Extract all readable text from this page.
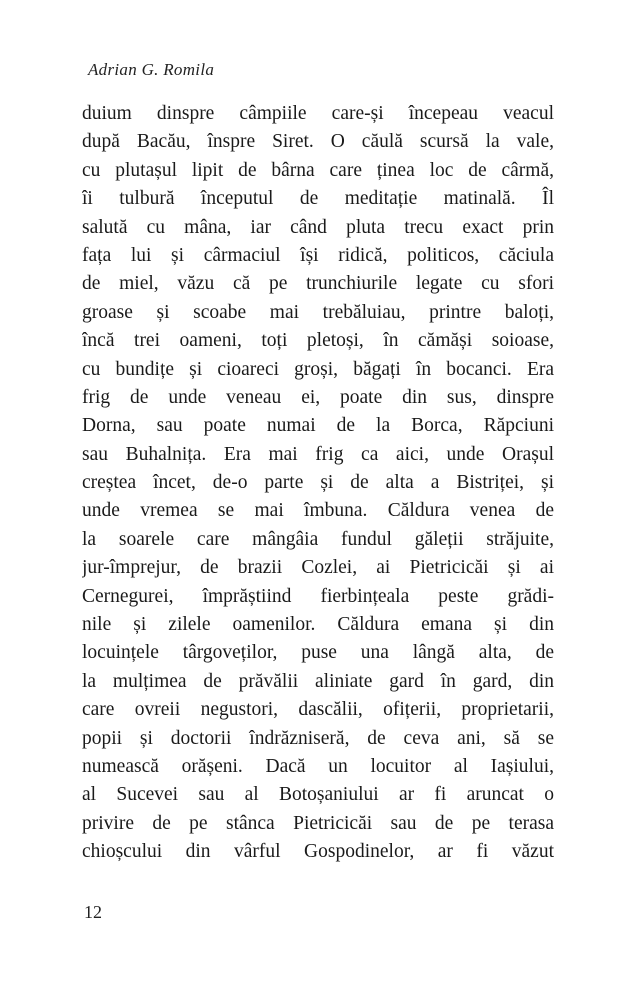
Adrian G. Romila
duium dinspre câmpiile care-și începeau veacul
după Bacău, înspre Siret. O căulă scursă la vale,
cu plutașul lipit de bârna care ținea loc de cârmă,
îi tulbură începutul de meditație matinală. Îl
salută cu mâna, iar când pluta trecu exact prin
fața lui și cârmaciul își ridică, politicos, căciula
de miel, văzu că pe trunchiurile legate cu sfori
groase și scoabe mai trebăluiau, printre baloți,
încă trei oameni, toți pletoși, în cămăși soioase,
cu bundițe și cioareci groși, băgați în bocanci. Era
frig de unde veneau ei, poate din sus, dinspre
Dorna, sau poate numai de la Borca, Răpciuni
sau Buhalnița. Era mai frig ca aici, unde Orașul
creștea încet, de-o parte și de alta a Bistriței, și
unde vremea se mai îmbuna. Căldura venea de
la soarele care mângâia fundul găleții străjuite,
jur-împrejur, de brazii Cozlei, ai Pietricicăi și ai
Cernegurei, împrăștiind fierbințeala peste grădi-
nile și zilele oamenilor. Căldura emana și din
locuințele târgoveților, puse una lângă alta, de
la mulțimea de prăvălii aliniate gard în gard, din
care ovreii negustori, dascălii, ofițerii, proprietarii,
popii și doctorii îndrăzniseră, de ceva ani, să se
numească orășeni. Dacă un locuitor al Iașiului,
al Sucevei sau al Botoșaniului ar fi aruncat o
privire de pe stânca Pietricicăi sau de pe terasa
chioșcului din vârful Gospodinelor, ar fi văzut
12
